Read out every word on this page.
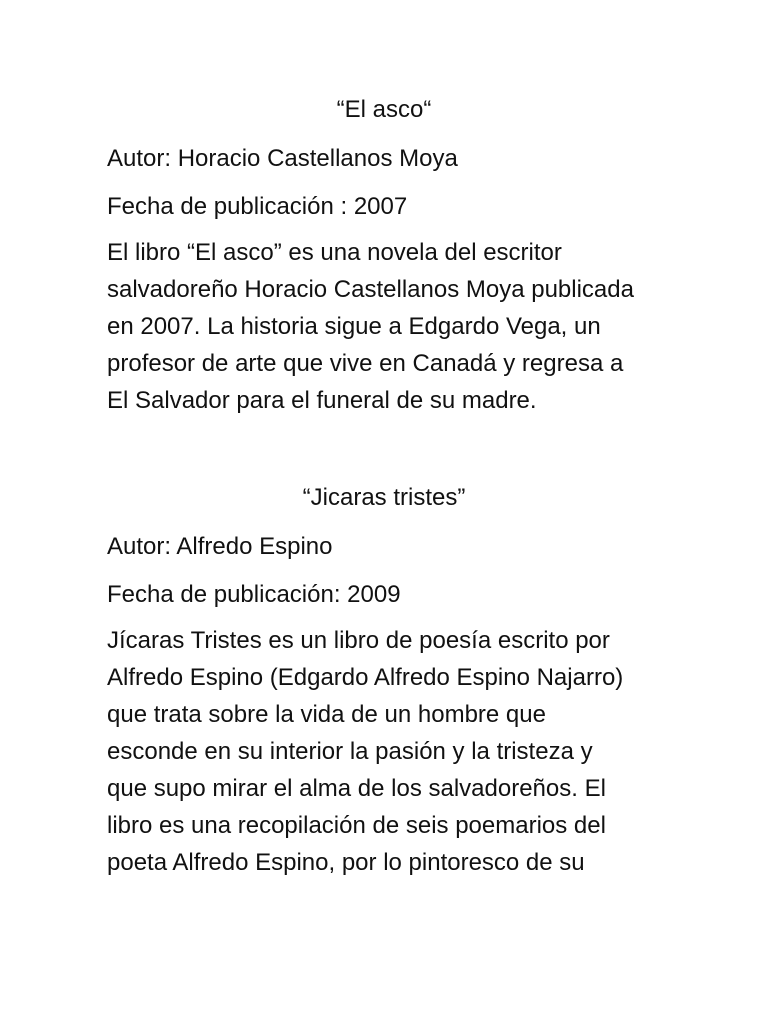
“El asco“
Autor: Horacio Castellanos Moya
Fecha de publicación : 2007
El libro “El asco” es una novela del escritor
salvadoreño Horacio Castellanos Moya publicada
en 2007. La historia sigue a Edgardo Vega, un
profesor de arte que vive en Canadá y regresa a
El Salvador para el funeral de su madre.
“Jicaras tristes”
Autor: Alfredo Espino
Fecha de publicación: 2009
Jícaras Tristes es un libro de poesía escrito por
Alfredo Espino (Edgardo Alfredo Espino Najarro)
que trata sobre la vida de un hombre que
esconde en su interior la pasión y la tristeza y
que supo mirar el alma de los salvadoreños. El
libro es una recopilación de seis poemarios del
poeta Alfredo Espino, por lo pintoresco de su
